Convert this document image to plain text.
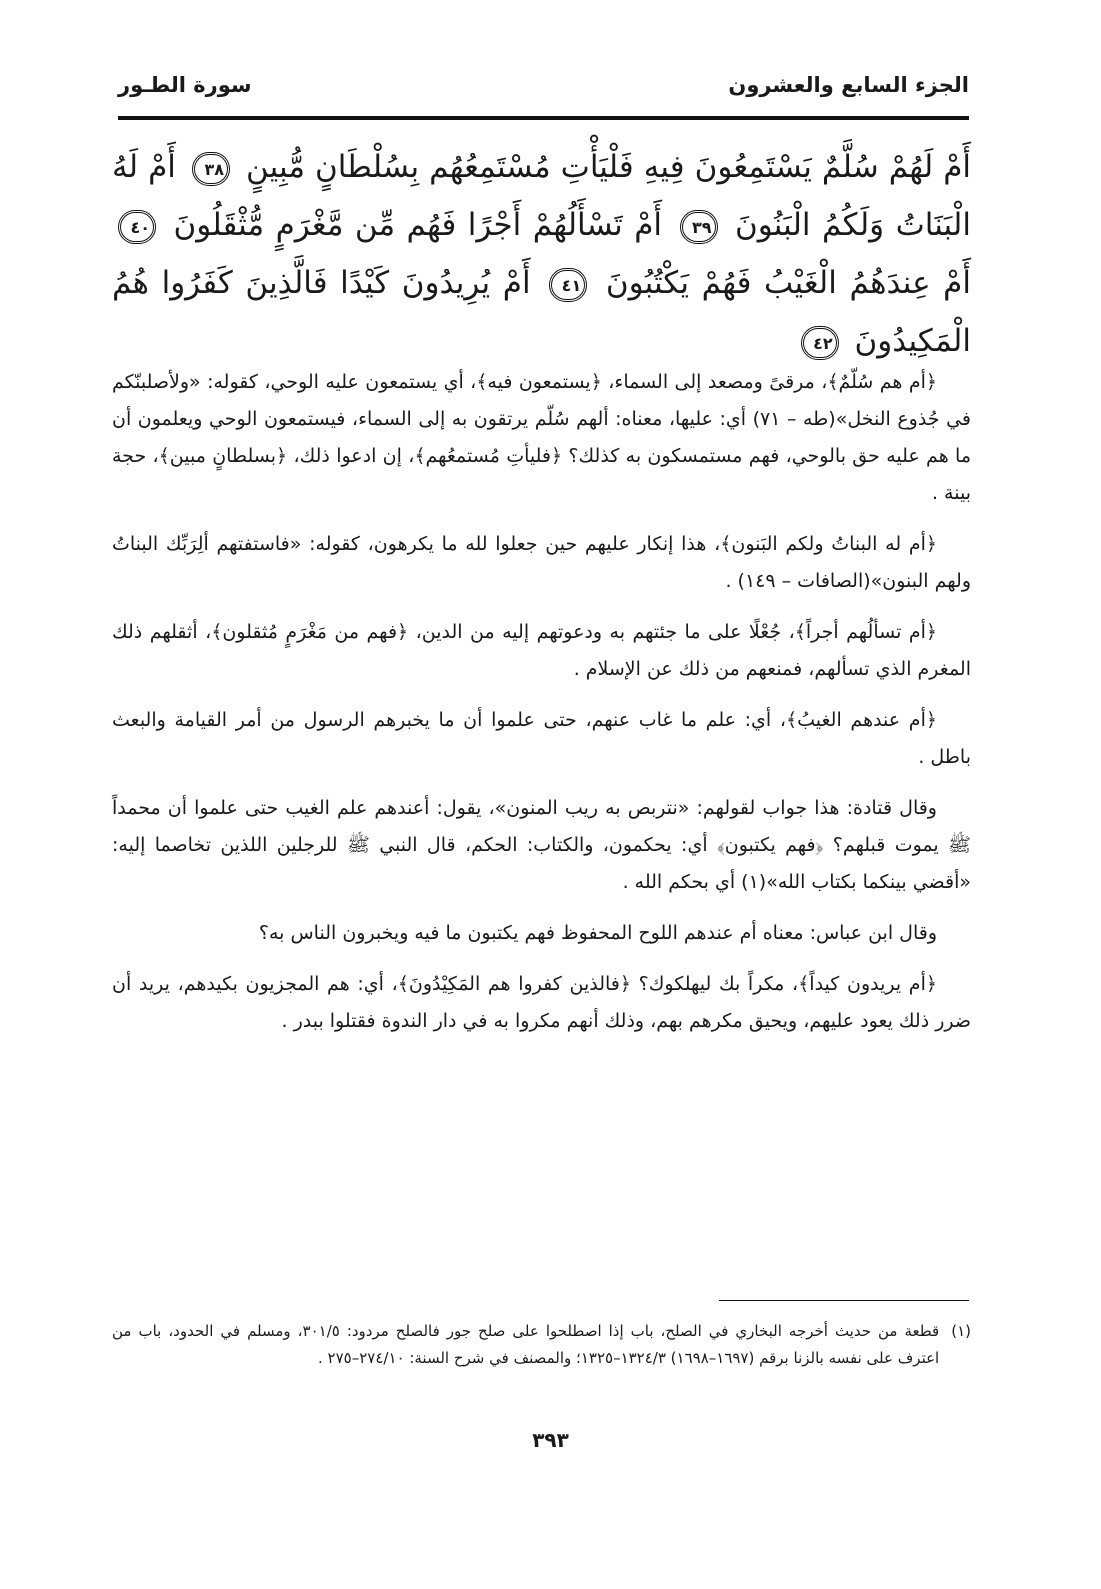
الجزء السابع والعشرون
سورة الطـور
أَمْ لَهُمْ سُلَّمٌ يَسْتَمِعُونَ فِيهِ فَلْيَأْتِ مُسْتَمِعُهُم بِسُلْطَانٍ مُّبِينٍ ٣٨ أَمْ لَهُ الْبَنَاتُ وَلَكُمُ الْبَنُونَ ٣٩ أَمْ تَسْأَلُهُمْ أَجْرًا فَهُم مِّن مَّغْرَمٍ مُّثْقَلُونَ ٤٠ أَمْ عِندَهُمُ الْغَيْبُ فَهُمْ يَكْتُبُونَ ٤١ أَمْ يُرِيدُونَ كَيْدًا فَالَّذِينَ كَفَرُوا هُمُ الْمَكِيدُونَ ٤٢

﴿أم هم سُلّمٌ﴾، مرقىً ومصعد إلى السماء، ﴿يستمعون فيه﴾، أي يستمعون عليه الوحي، كقوله: «ولأصلبنّكم في جُذوع النخل»(طه – ٧١) أي: عليها، معناه: ألهم سُلّم يرتقون به إلى السماء، فيستمعون الوحي ويعلمون أن ما هم عليه حق بالوحي، فهم مستمسكون به كذلك؟ ﴿فليأتِ مُستمعُهم﴾، إن ادعوا ذلك، ﴿بسلطانٍ مبين﴾، حجة بينة .

﴿أم له البناتُ ولكم البَنون﴾، هذا إنكار عليهم حين جعلوا لله ما يكرهون، كقوله: «فاستفتهم ألِرَبِّك البناتُ ولهم البنون»(الصافات – ١٤٩) .

﴿أم تسألُهم أجراً﴾، جُعْلًا على ما جئتهم به ودعوتهم إليه من الدين، ﴿فهم من مَغْرَمٍ مُثقلون﴾، أثقلهم ذلك المغرم الذي تسألهم، فمنعهم من ذلك عن الإسلام .

﴿أم عندهم الغيبُ﴾، أي: علم ما غاب عنهم، حتى علموا أن ما يخبرهم الرسول من أمر القيامة والبعث باطل .

وقال قتادة: هذا جواب لقولهم: «نتربص به ريب المنون»، يقول: أعندهم علم الغيب حتى علموا أن محمداً ﷺ يموت قبلهم؟ ﴿فهم يكتبون﴾ أي: يحكمون، والكتاب: الحكم، قال النبي ﷺ للرجلين اللذين تخاصما إليه: «أقضي بينكما بكتاب الله»(١) أي بحكم الله .

وقال ابن عباس: معناه أم عندهم اللوح المحفوظ فهم يكتبون ما فيه ويخبرون الناس به؟

﴿أم يريدون كيداً﴾، مكراً بك ليهلكوك؟ ﴿فالذين كفروا هم المَكِيْدُونَ﴾، أي: هم المجزيون بكيدهم، يريد أن ضرر ذلك يعود عليهم، ويحيق مكرهم بهم، وذلك أنهم مكروا به في دار الندوة فقتلوا ببدر .

(١)
قطعة من حديث أخرجه البخاري في الصلح، باب إذا اصطلحوا على صلح جور فالصلح مردود: ٣٠١/٥، ومسلم في الحدود، باب من اعترف على نفسه بالزنا برقم (١٦٩٧–١٦٩٨) ١٣٢٤/٣–١٣٢٥؛ والمصنف في شرح السنة: ٢٧٤/١٠–٢٧٥ .
٣٩٣
